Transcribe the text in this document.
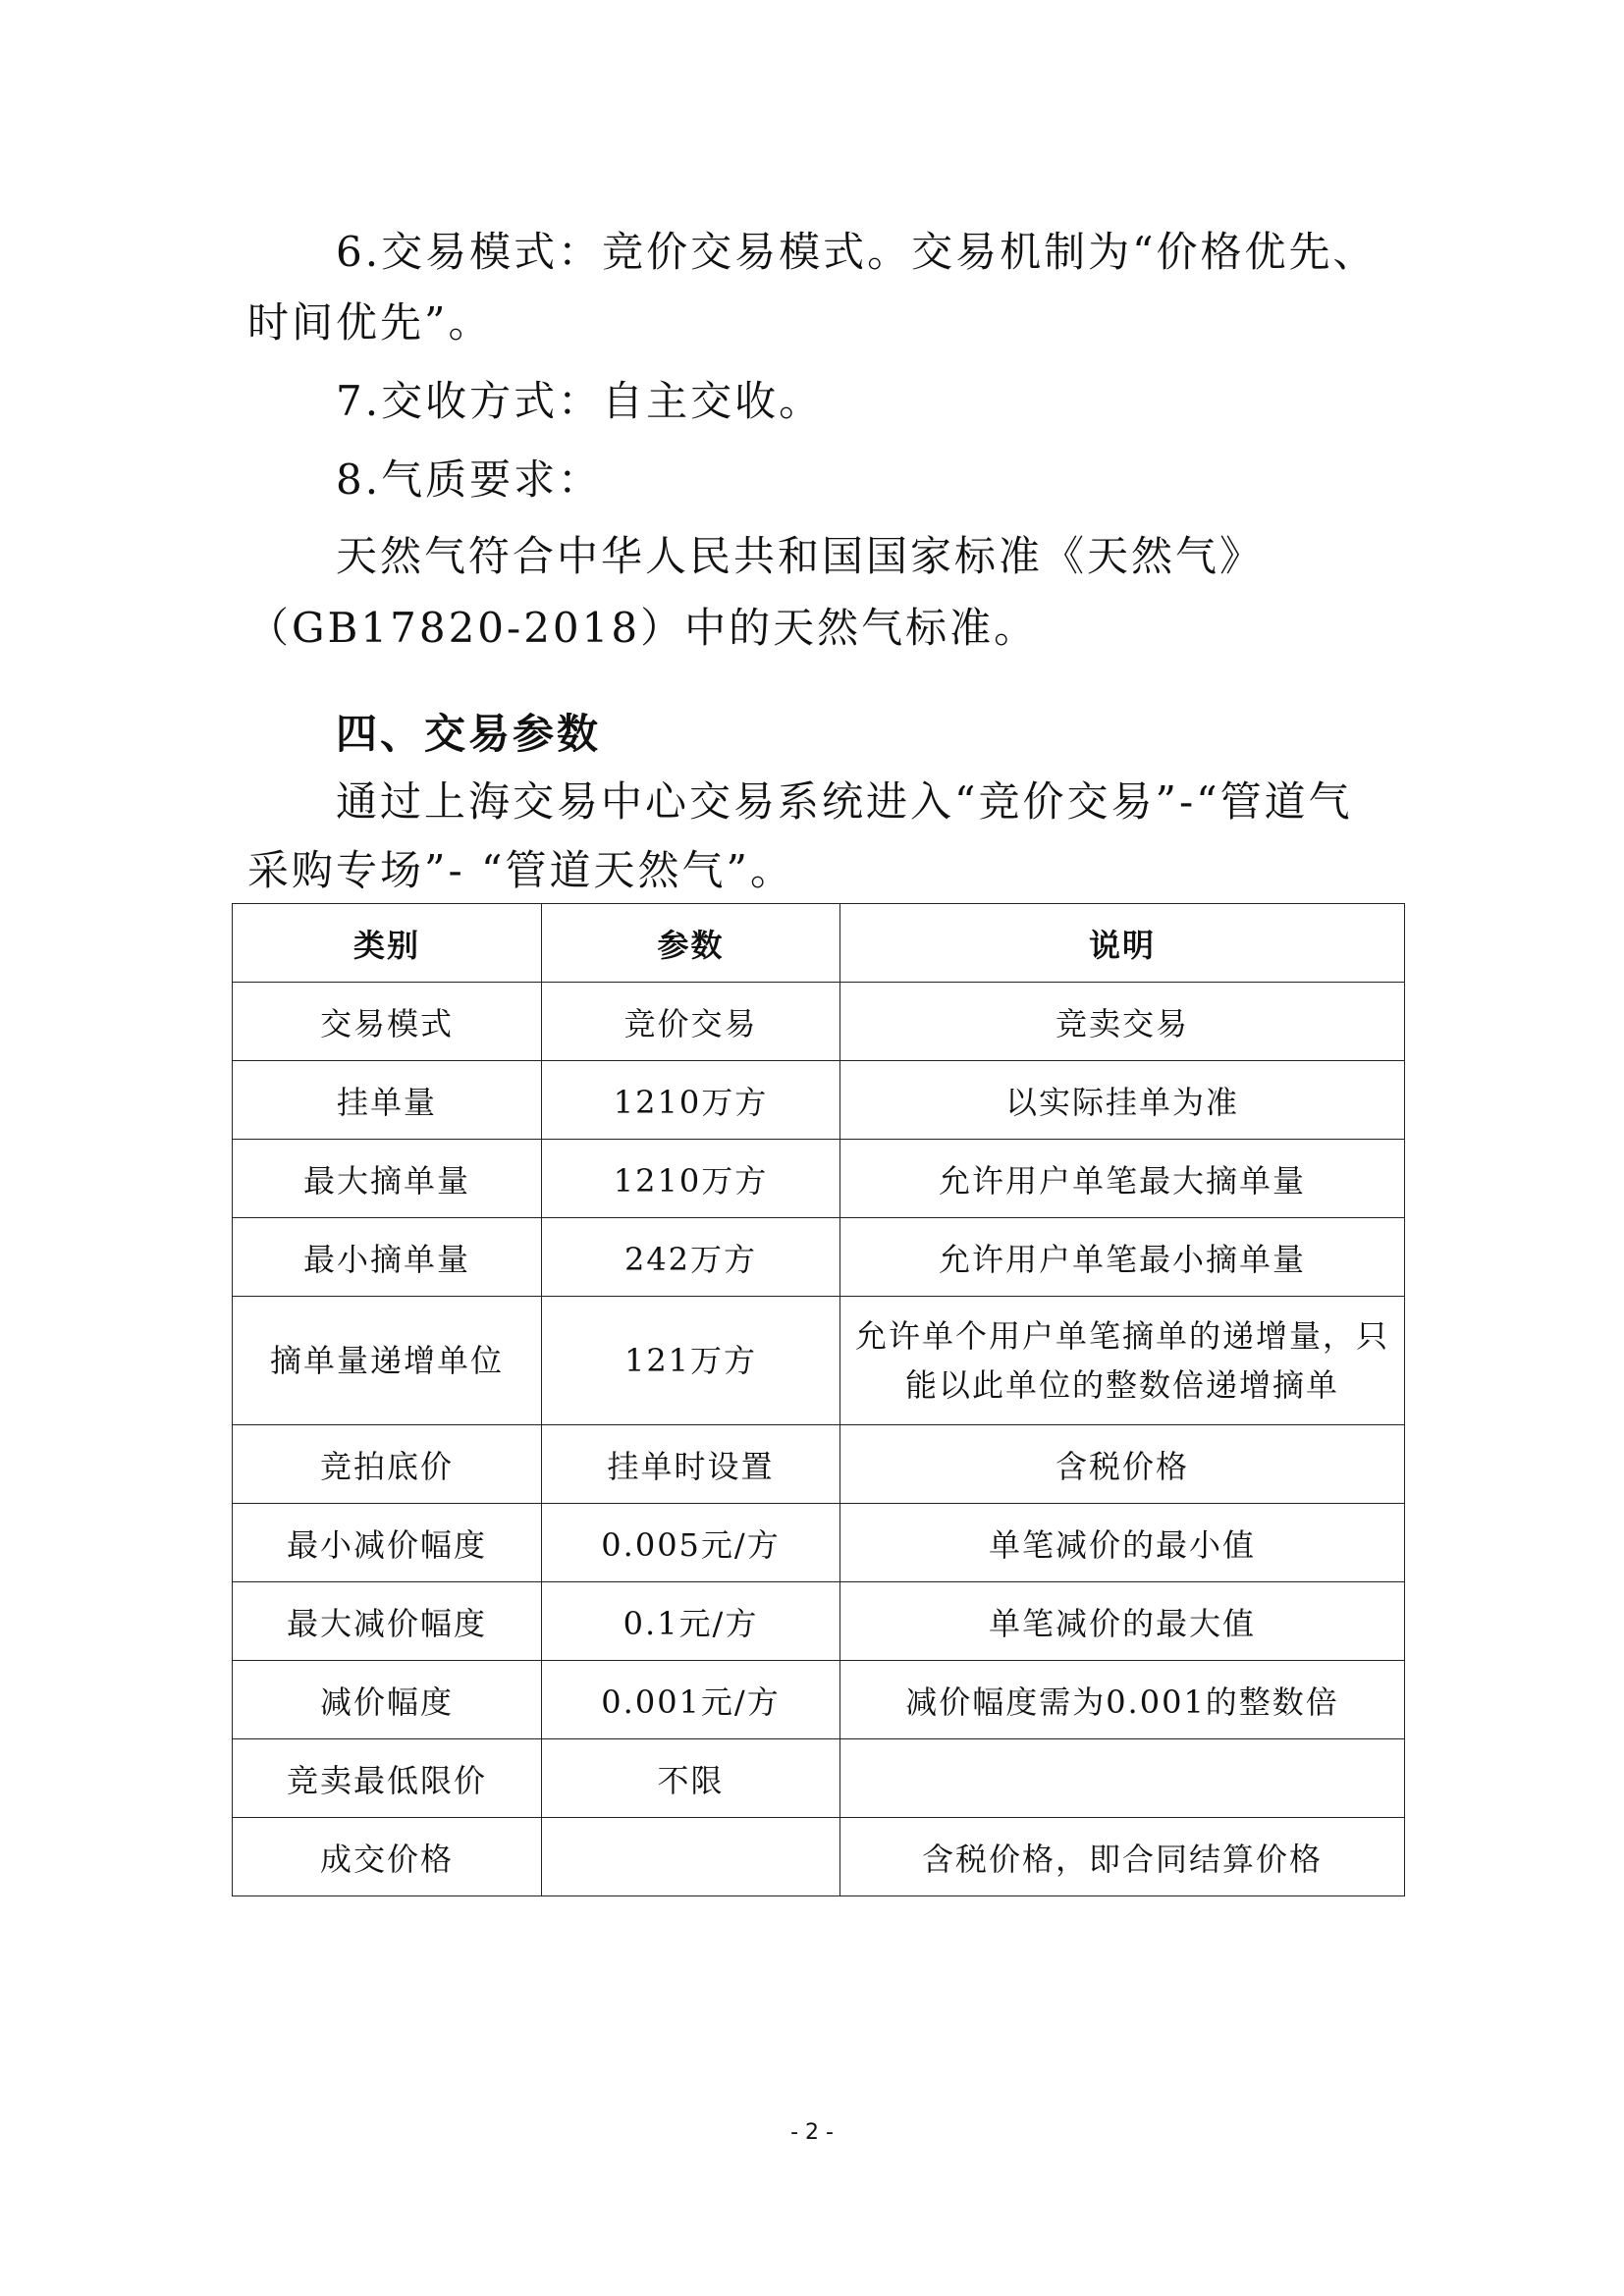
6.交易模式：竞价交易模式。交易机制为“价格优先、

时间优先”。

7.交收方式：自主交收。

8.气质要求：

天然气符合中华人民共和国国家标准《天然气》

（GB17820-2018）中的天然气标准。

四、交易参数

通过上海交易中心交易系统进入“竞价交易”-“管道气

采购专场”- “管道天然气”。

类别	参数	说明
交易模式	竞价交易	竞卖交易
挂单量	1210万方	以实际挂单为准
最大摘单量	1210万方	允许用户单笔最大摘单量
最小摘单量	242万方	允许用户单笔最小摘单量
摘单量递增单位	121万方	允许单个用户单笔摘单的递增量，只
能以此单位的整数倍递增摘单

竞拍底价	挂单时设置	含税价格
最小减价幅度	0.005元/方	单笔减价的最小值
最大减价幅度	0.1元/方	单笔减价的最大值
减价幅度	0.001元/方	减价幅度需为0.001的整数倍
竞卖最低限价	不限	
成交价格		含税价格，即合同结算价格
- 2 -
